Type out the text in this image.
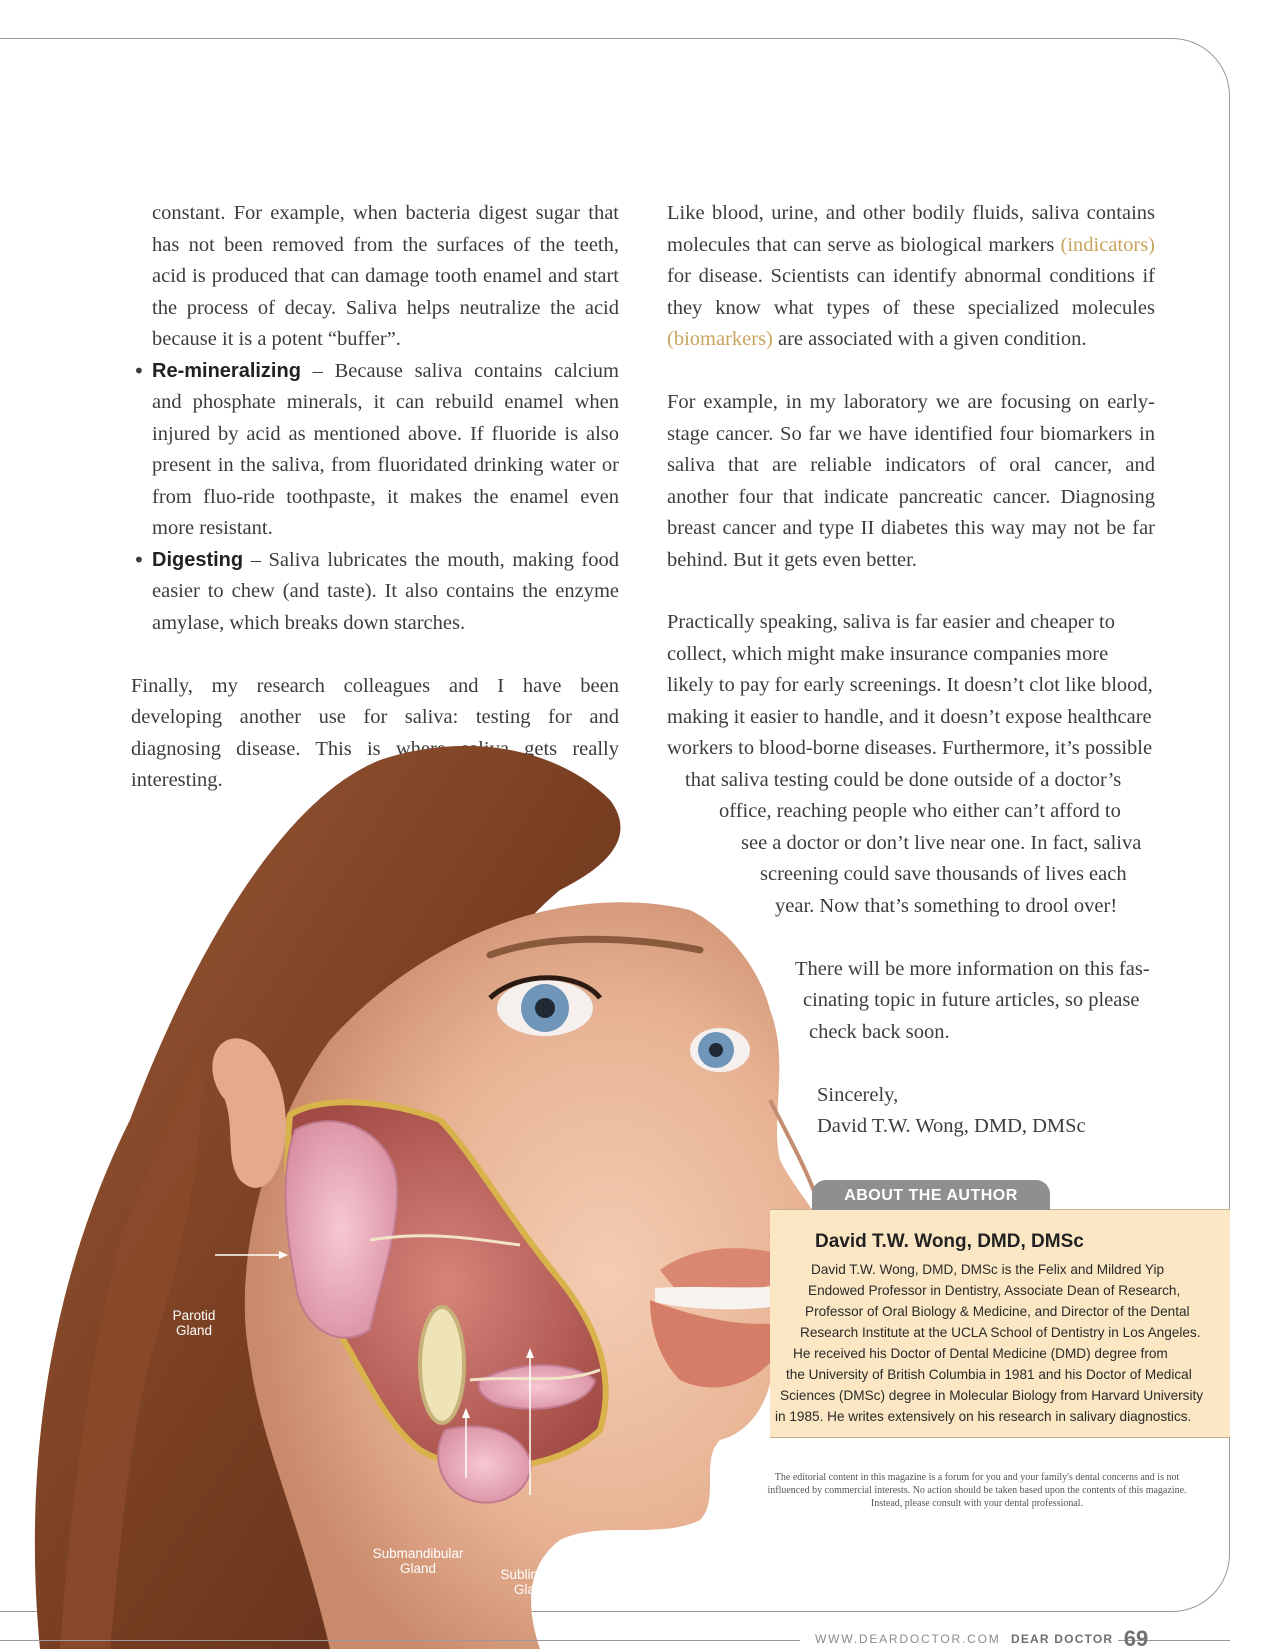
constant. For example, when bacteria digest sugar that has not been removed from the surfaces of the teeth, acid is produced that can damage tooth enamel and start the process of decay. Saliva helps neutralize the acid because it is a potent “buffer”.

• Re-mineralizing – Because saliva contains calcium and phosphate minerals, it can rebuild enamel when injured by acid as mentioned above. If fluoride is also present in the saliva, from fluoridated drinking water or from fluo-ride toothpaste, it makes the enamel even more resistant.

• Digesting – Saliva lubricates the mouth, making food easier to chew (and taste). It also contains the enzyme amylase, which breaks down starches.

Finally, my research colleagues and I have been developing another use for saliva: testing for and diagnosing disease. This is where saliva gets really interesting.

Like blood, urine, and other bodily fluids, saliva contains molecules that can serve as biological markers (indicators) for disease. Scientists can identify abnormal conditions if they know what types of these specialized molecules (biomarkers) are associated with a given condition.

For example, in my laboratory we are focusing on early-stage cancer. So far we have identified four biomarkers in saliva that are reliable indicators of oral cancer, and another four that indicate pancreatic cancer. Diagnosing breast cancer and type II diabetes this way may not be far behind. But it gets even better.

Practically speaking, saliva is far easier and cheaper to
collect, which might make insurance companies more
likely to pay for early screenings. It doesn’t clot like blood,
making it easier to handle, and it doesn’t expose healthcare
workers to blood-borne diseases. Furthermore, it’s possible
that saliva testing could be done outside of a doctor’s
office, reaching people who either can’t afford to
see a doctor or don’t live near one. In fact, saliva
screening could save thousands of lives each
year. Now that’s something to drool over!
There will be more information on this fas-
cinating topic in future articles, so please
check back soon.
Sincerely,
David T.W. Wong, DMD, DMSc
Parotid
Gland
Submandibular
Gland	Sublingual
Gland
ABOUT THE AUTHOR
David T.W. Wong, DMD, DMSc
David T.W. Wong, DMD, DMSc is the Felix and Mildred Yip
Endowed Professor in Dentistry, Associate Dean of Research,
Professor of Oral Biology & Medicine, and Director of the Dental
Research Institute at the UCLA School of Dentistry in Los Angeles.
He received his Doctor of Dental Medicine (DMD) degree from
the University of British Columbia in 1981 and his Doctor of Medical
Sciences (DMSc) degree in Molecular Biology from Harvard University
in 1985. He writes extensively on his research in salivary diagnostics.
The editorial content in this magazine is a forum for you and your family's dental concerns and is not influenced by commercial interests. No action should be taken based upon the contents of this magazine. Instead, please consult with your dental professional.
WWW.DEARDOCTOR.COM DEAR DOCTOR 69
